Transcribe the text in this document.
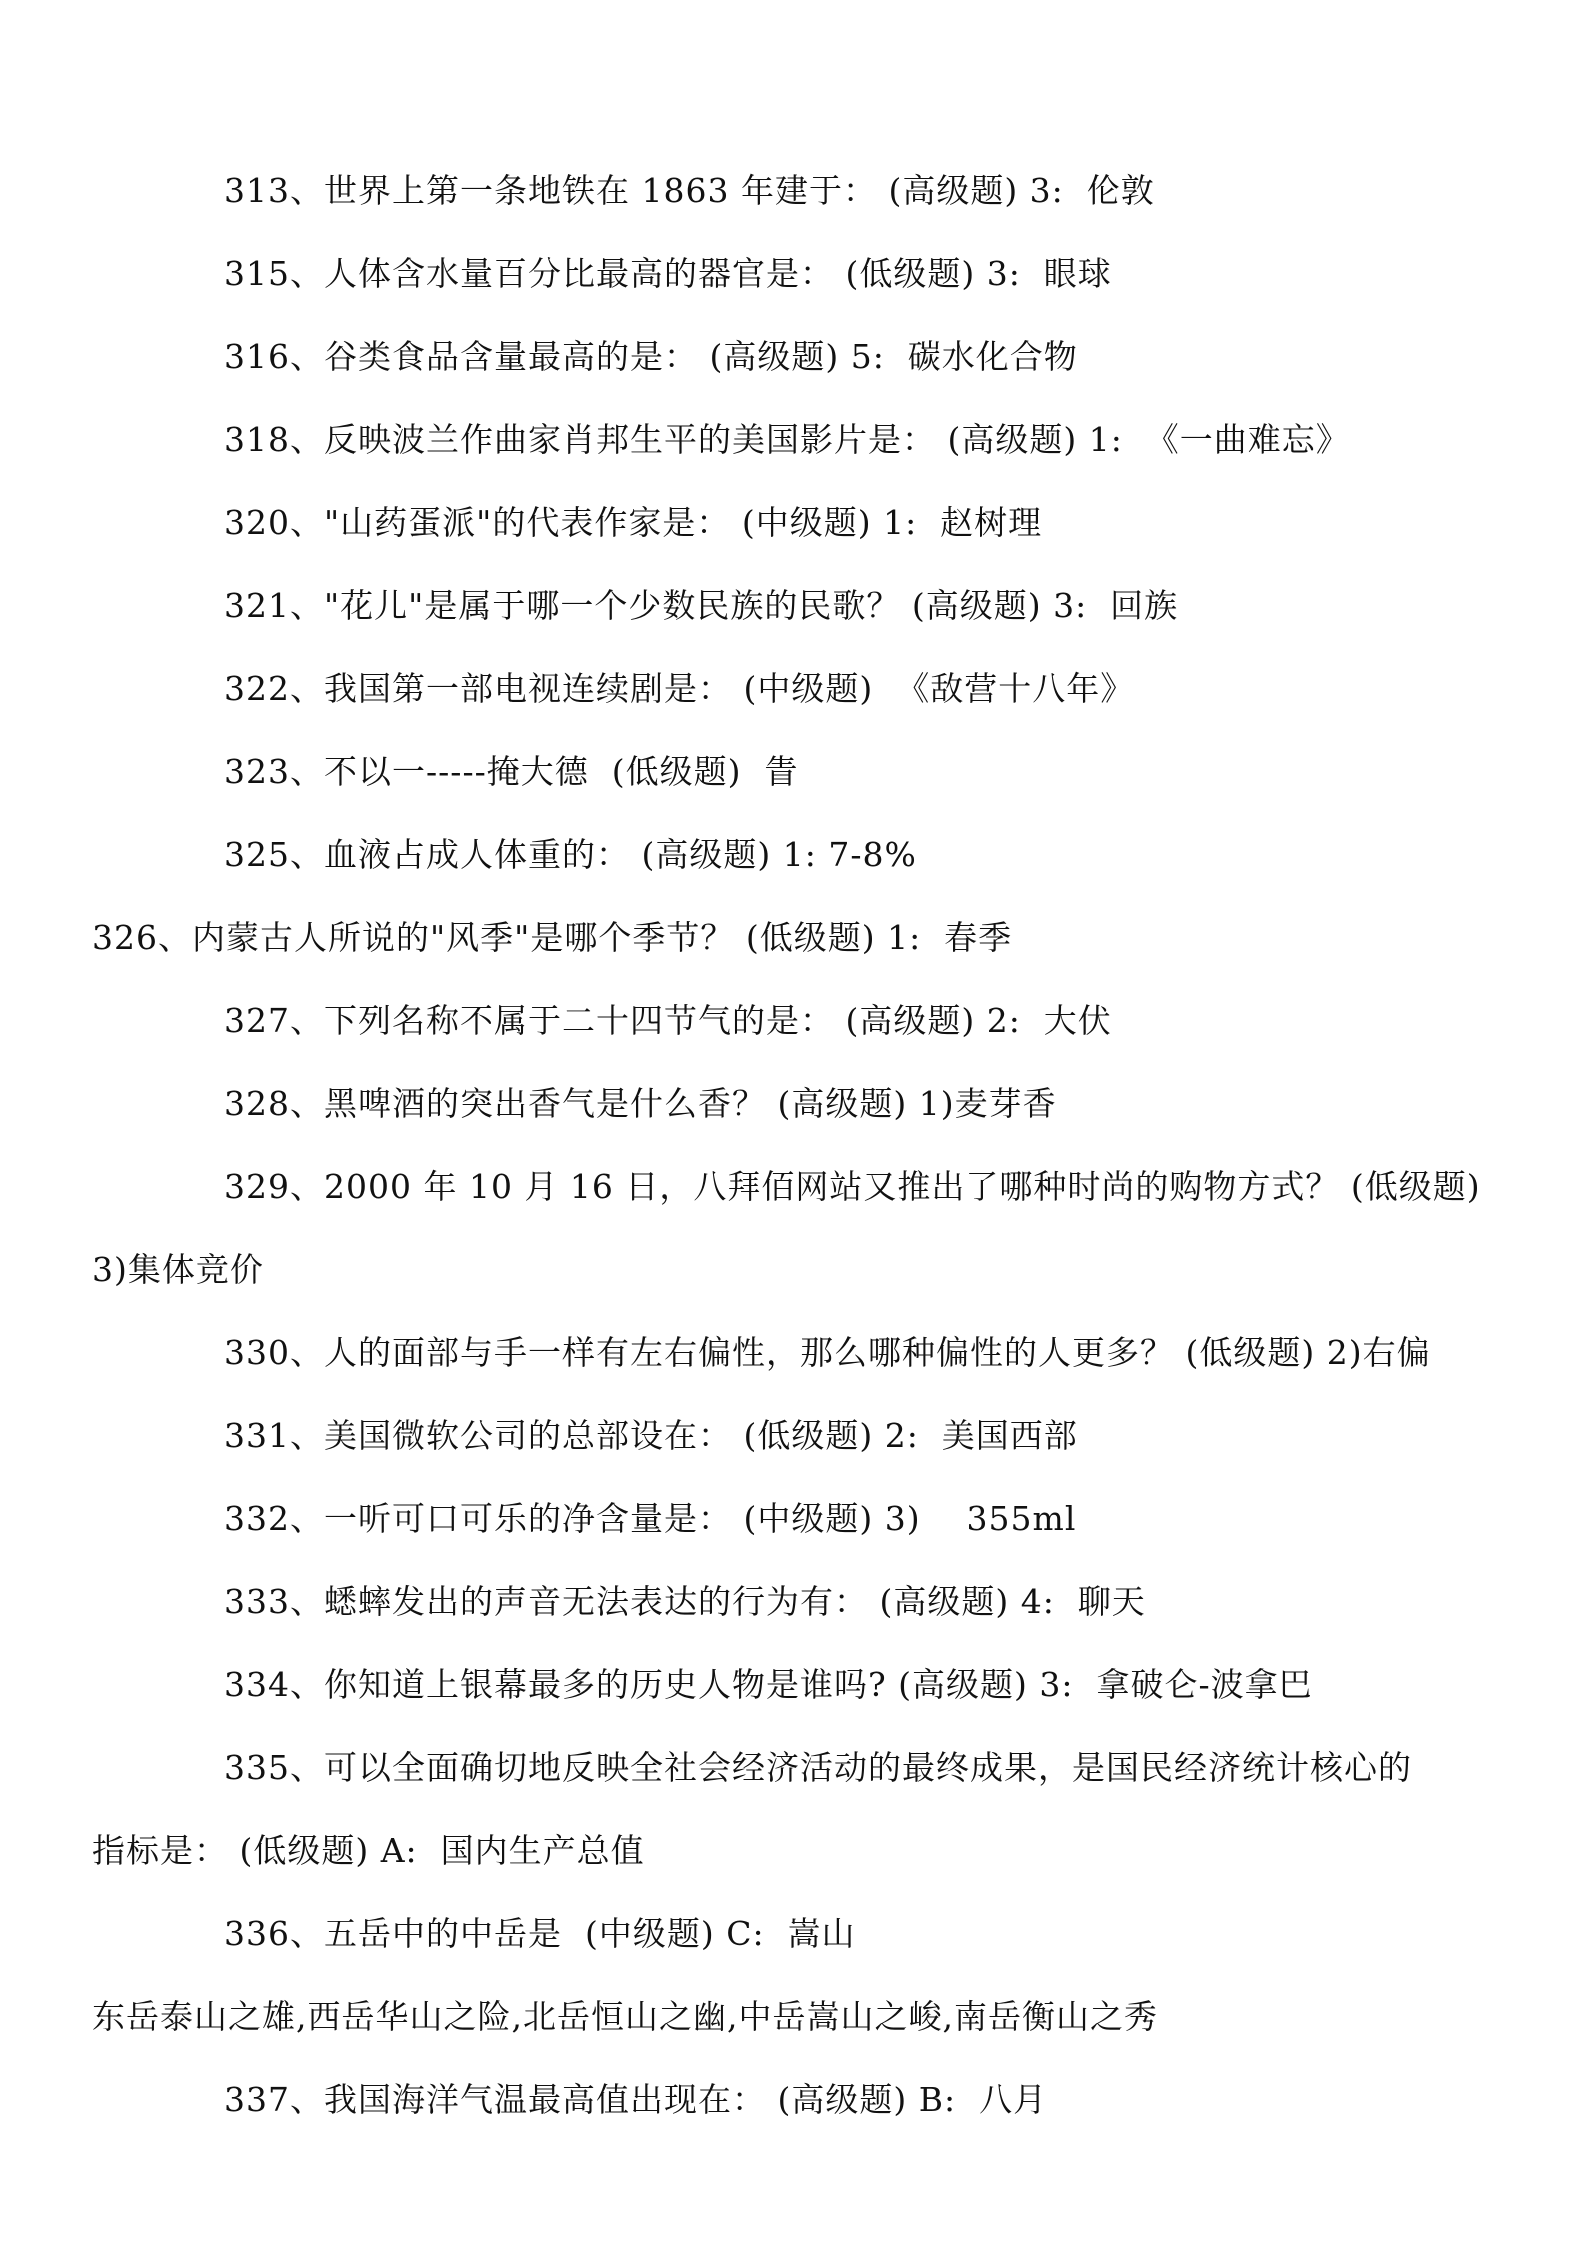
313、世界上第一条地铁在 1863 年建于： (高级题) 3:  伦敦
315、人体含水量百分比最高的器官是： (低级题) 3:  眼球
316、谷类食品含量最高的是： (高级题) 5:  碳水化合物
318、反映波兰作曲家肖邦生平的美国影片是： (高级题) 1:  《一曲难忘》
320、"山药蛋派"的代表作家是： (中级题) 1:  赵树理
321、"花儿"是属于哪一个少数民族的民歌？ (高级题) 3:  回族
322、我国第一部电视连续剧是： (中级题)  《敌营十八年》
323、不以一-----掩大德  (低级题)  眚
325、血液占成人体重的： (高级题) 1: 7-8%
326、内蒙古人所说的"风季"是哪个季节？ (低级题) 1:  春季
327、下列名称不属于二十四节气的是： (高级题) 2:  大伏
328、黑啤酒的突出香气是什么香？ (高级题) 1)麦芽香
329、2000 年 10 月 16 日，八拜佰网站又推出了哪种时尚的购物方式？ (低级题)
3)集体竞价
330、人的面部与手一样有左右偏性，那么哪种偏性的人更多？ (低级题) 2)右偏
331、美国微软公司的总部设在： (低级题) 2:  美国西部
332、一听可口可乐的净含量是： (中级题) 3)    355ml
333、蟋蟀发出的声音无法表达的行为有： (高级题) 4:  聊天
334、你知道上银幕最多的历史人物是谁吗? (高级题) 3:  拿破仑-波拿巴
335、可以全面确切地反映全社会经济活动的最终成果，是国民经济统计核心的
指标是： (低级题) A:  国内生产总值
336、五岳中的中岳是  (中级题) C:  嵩山
东岳泰山之雄,西岳华山之险,北岳恒山之幽,中岳嵩山之峻,南岳衡山之秀
337、我国海洋气温最高值出现在： (高级题) B:  八月
